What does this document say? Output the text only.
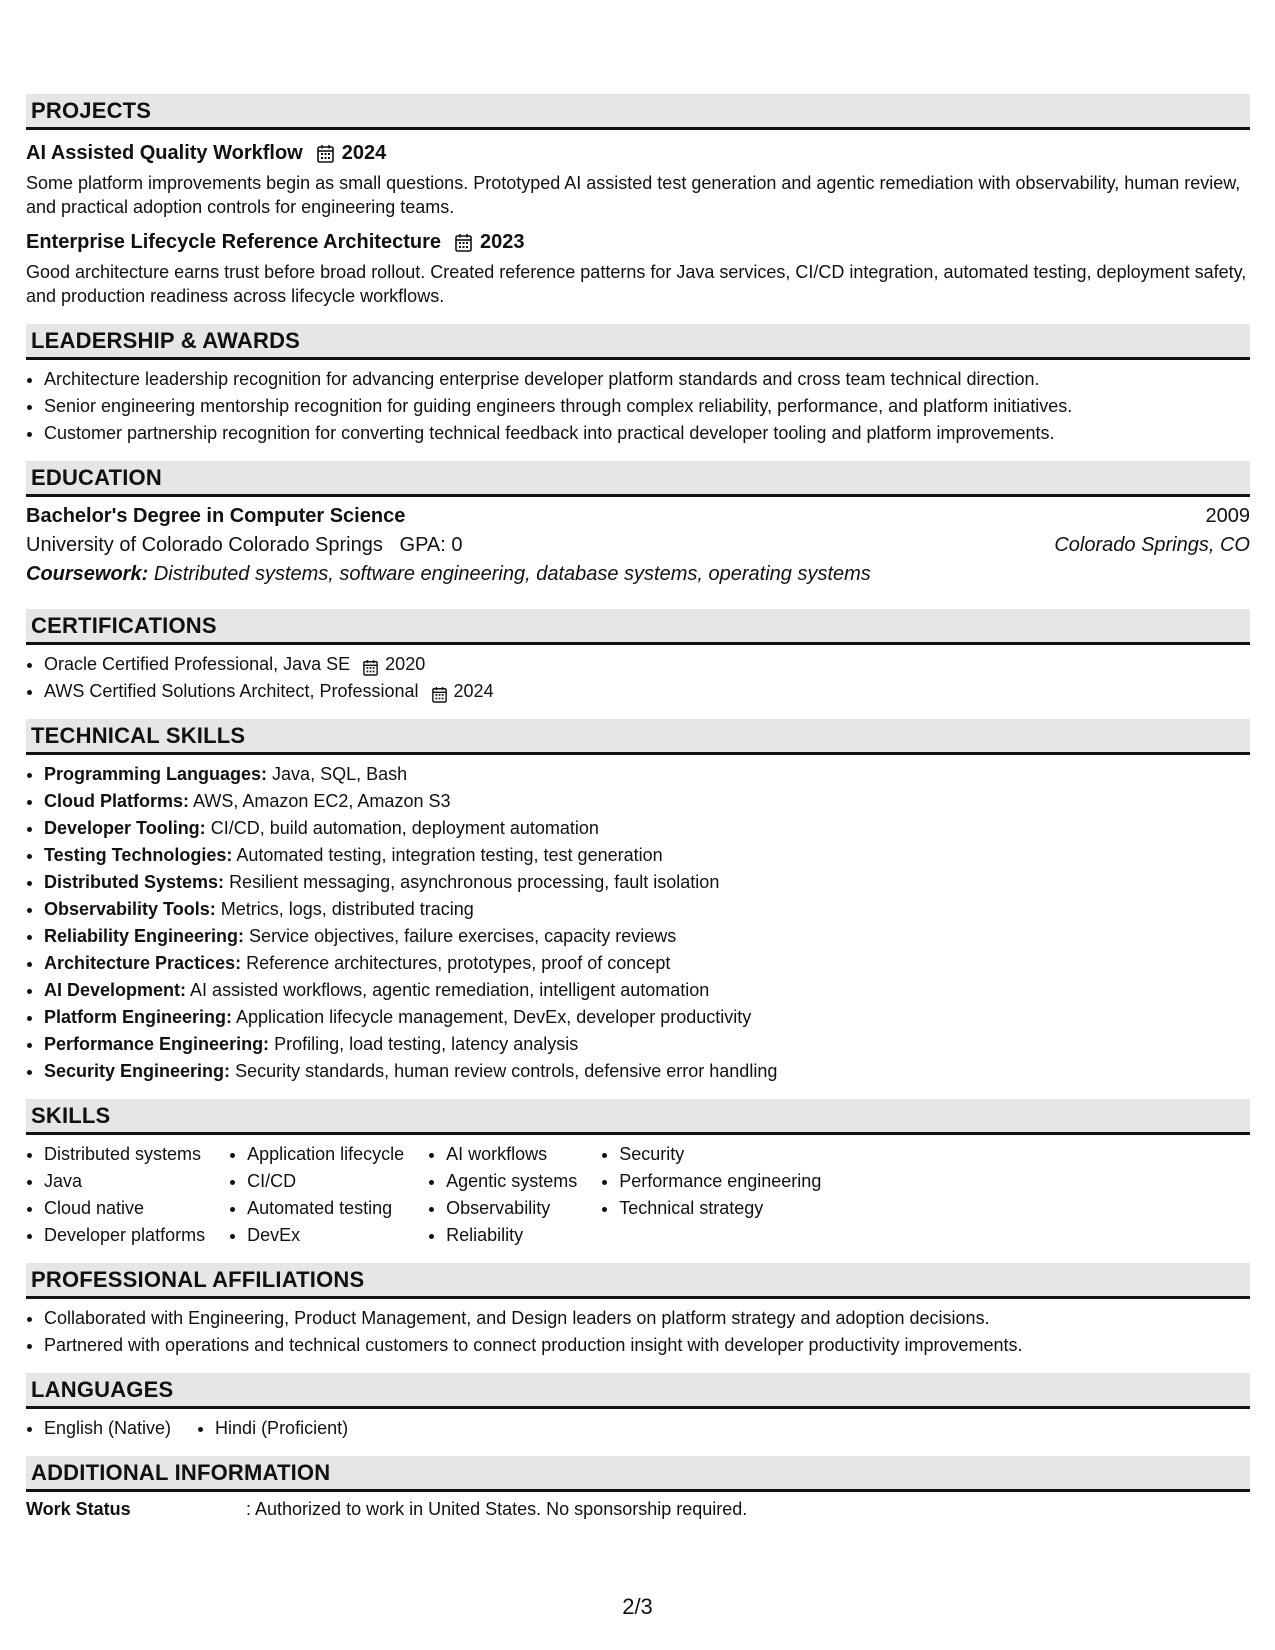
PROJECTS
AI Assisted Quality Workflow 2024
Some platform improvements begin as small questions. Prototyped AI assisted test generation and agentic remediation with observability, human review, and practical adoption controls for engineering teams.
Enterprise Lifecycle Reference Architecture 2023
Good architecture earns trust before broad rollout. Created reference patterns for Java services, CI/CD integration, automated testing, deployment safety, and production readiness across lifecycle workflows.
LEADERSHIP & AWARDS
• Architecture leadership recognition for advancing enterprise developer platform standards and cross team technical direction.
• Senior engineering mentorship recognition for guiding engineers through complex reliability, performance, and platform initiatives.
• Customer partnership recognition for converting technical feedback into practical developer tooling and platform improvements.
EDUCATION
Bachelor's Degree in Computer Science	2009
University of Colorado Colorado Springs GPA: 0	Colorado Springs, CO
Coursework: Distributed systems, software engineering, database systems, operating systems
CERTIFICATIONS
• Oracle Certified Professional, Java SE 2020
• AWS Certified Solutions Architect, Professional 2024
TECHNICAL SKILLS
• Programming Languages: Java, SQL, Bash
• Cloud Platforms: AWS, Amazon EC2, Amazon S3
• Developer Tooling: CI/CD, build automation, deployment automation
• Testing Technologies: Automated testing, integration testing, test generation
• Distributed Systems: Resilient messaging, asynchronous processing, fault isolation
• Observability Tools: Metrics, logs, distributed tracing
• Reliability Engineering: Service objectives, failure exercises, capacity reviews
• Architecture Practices: Reference architectures, prototypes, proof of concept
• AI Development: AI assisted workflows, agentic remediation, intelligent automation
• Platform Engineering: Application lifecycle management, DevEx, developer productivity
• Performance Engineering: Profiling, load testing, latency analysis
• Security Engineering: Security standards, human review controls, defensive error handling
SKILLS
• Distributed systems
• Java
• Cloud native
• Developer platforms
• Application lifecycle
• CI/CD
• Automated testing
• DevEx
• AI workflows
• Agentic systems
• Observability
• Reliability
• Security
• Performance engineering
• Technical strategy
PROFESSIONAL AFFILIATIONS
• Collaborated with Engineering, Product Management, and Design leaders on platform strategy and adoption decisions.
• Partnered with operations and technical customers to connect production insight with developer productivity improvements.
LANGUAGES
• English (Native)
• Hindi (Proficient)
ADDITIONAL INFORMATION
Work Status	: Authorized to work in United States. No sponsorship required.
2/3
